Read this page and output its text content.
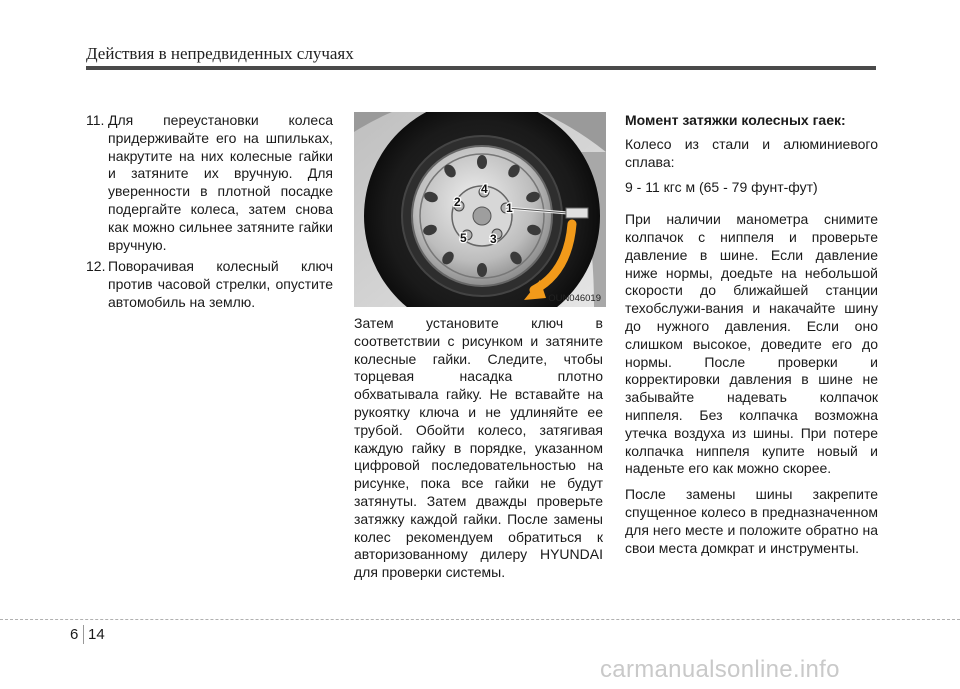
Действия в непредвиденных случаях
11. Для переустановки колеса придерживайте его на шпильках, накрутите на них колесные гайки и затяните их вручную. Для уверенности в плотной посадке подергайте колеса, затем снова как можно сильнее затяните гайки вручную.
12. Поворачивая колесный ключ против часовой стрелки, опустите автомобиль на землю.
1
2
3
4
5
OUN046019

Затем установите ключ в соответствии с рисунком и затяните колесные гайки. Следите, чтобы торцевая насадка плотно обхватывала гайку. Не вставайте на рукоятку ключа и не удлиняйте ее трубой. Обойти колесо, затягивая каждую гайку в порядке, указанном цифровой последовательностью на рисунке, пока все гайки не будут затянуты. Затем дважды проверьте затяжку каждой гайки. После замены колес рекомендуем обратиться к авторизованному дилеру HYUNDAI для проверки системы.

Момент затяжки колесных гаек:

Колесо из стали и алюминиевого сплава:

9 - 11 кгс м (65 - 79 фунт-фут)

При наличии манометра снимите колпачок с ниппеля и проверьте давление в шине. Если давление ниже нормы, доедьте на небольшой скорости до ближайшей станции техобслужи-вания и накачайте шину до нужного давления. Если оно слишком высокое, доведите его до нормы. После проверки и корректировки давления в шине не забывайте надевать колпачок ниппеля. Без колпачка возможна утечка воздуха из шины. При потере колпачка ниппеля купите новый и наденьте его как можно скорее.

После замены шины закрепите спущенное колесо в предназначенном для него месте и положите обратно на свои места домкрат и инструменты.

6 14
carmanualsonline.info
